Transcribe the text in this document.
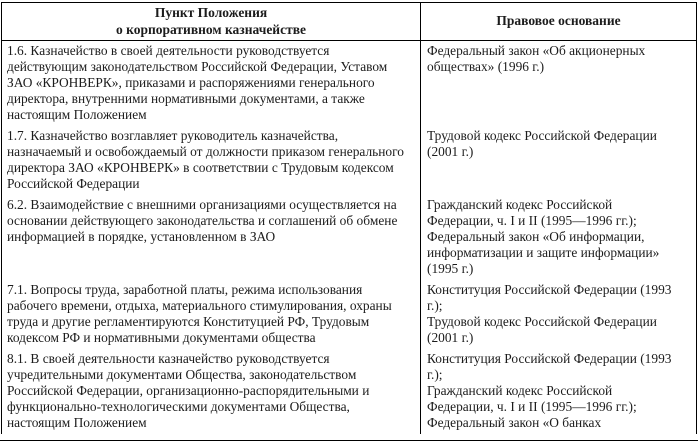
Пункт Положения
о корпоративном казначействе
Правовое основание
1.6. Казначейство в своей деятельности руководствуется действующим законодательством Российской Федерации, Уставом ЗАО «КРОНВЕРК», приказами и распоряжениями генерального директора, внутренними нормативными документами, а также настоящим Положением
Федеральный закон «Об акционерных обществах» (1996 г.)
1.7. Казначейство возглавляет руководитель казначейства, назначаемый и освобождаемый от должности приказом генерального директора ЗАО «КРОНВЕРК» в соответствии с Трудовым кодексом Российской Федерации
Трудовой кодекс Российской Федерации (2001 г.)
6.2. Взаимодействие с внешними организациями осуществляется на основании действующего законодательства и соглашений об обмене информацией в порядке, установленном в ЗАО
Гражданский кодекс Российской Федерации, ч. I и II (1995—1996 гг.);
Федеральный закон «Об информации, информатизации и защите информации» (1995 г.)
7.1. Вопросы труда, заработной платы, режима использования рабочего времени, отдыха, материального стимулирования, охраны труда и другие регламентируются Конституцией РФ, Трудовым кодексом РФ и нормативными документами общества
Конституция Российской Федерации (1993 г.);
Трудовой кодекс Российской Федерации (2001 г.)
8.1. В своей деятельности казначейство руководствуется учредительными документами Общества, законодательством Российской Федерации, организационно-распорядительными и функционально-технологическими документами Общества, настоящим Положением
Конституция Российской Федерации (1993 г.);
Гражданский кодекс Российской Федерации, ч. I и II (1995—1996 гг.);
Федеральный закон «О банках
